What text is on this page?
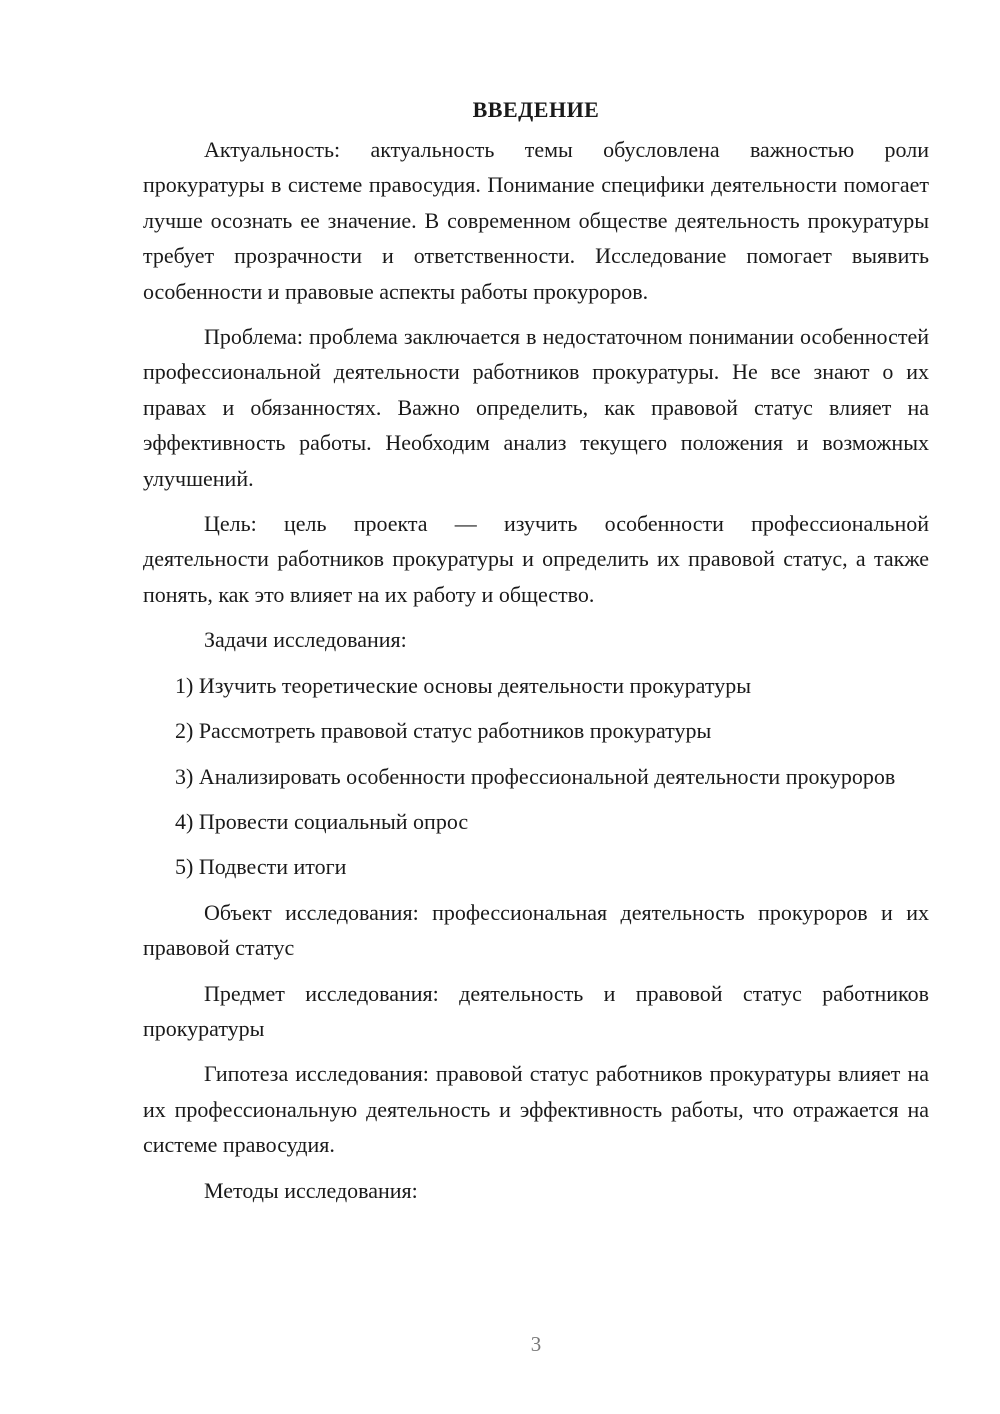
ВВЕДЕНИЕ

Актуальность: актуальность темы обусловлена важностью роли прокуратуры в системе правосудия. Понимание специфики деятельности помогает лучше осознать ее значение. В современном обществе деятельность прокуратуры требует прозрачности и ответственности. Исследование помогает выявить особенности и правовые аспекты работы прокуроров.

Проблема: проблема заключается в недостаточном понимании особенностей профессиональной деятельности работников прокуратуры. Не все знают о их правах и обязанностях. Важно определить, как правовой статус влияет на эффективность работы. Необходим анализ текущего положения и возможных улучшений.

Цель: цель проекта — изучить особенности профессиональной деятельности работников прокуратуры и определить их правовой статус, а также понять, как это влияет на их работу и общество.

Задачи исследования:

1) Изучить теоретические основы деятельности прокуратуры

2) Рассмотреть правовой статус работников прокуратуры

3) Анализировать особенности профессиональной деятельности прокуроров

4) Провести социальный опрос

5) Подвести итоги

Объект исследования: профессиональная деятельность прокуроров и их правовой статус

Предмет исследования: деятельность и правовой статус работников прокуратуры

Гипотеза исследования: правовой статус работников прокуратуры влияет на их профессиональную деятельность и эффективность работы, что отражается на системе правосудия.

Методы исследования:

3
